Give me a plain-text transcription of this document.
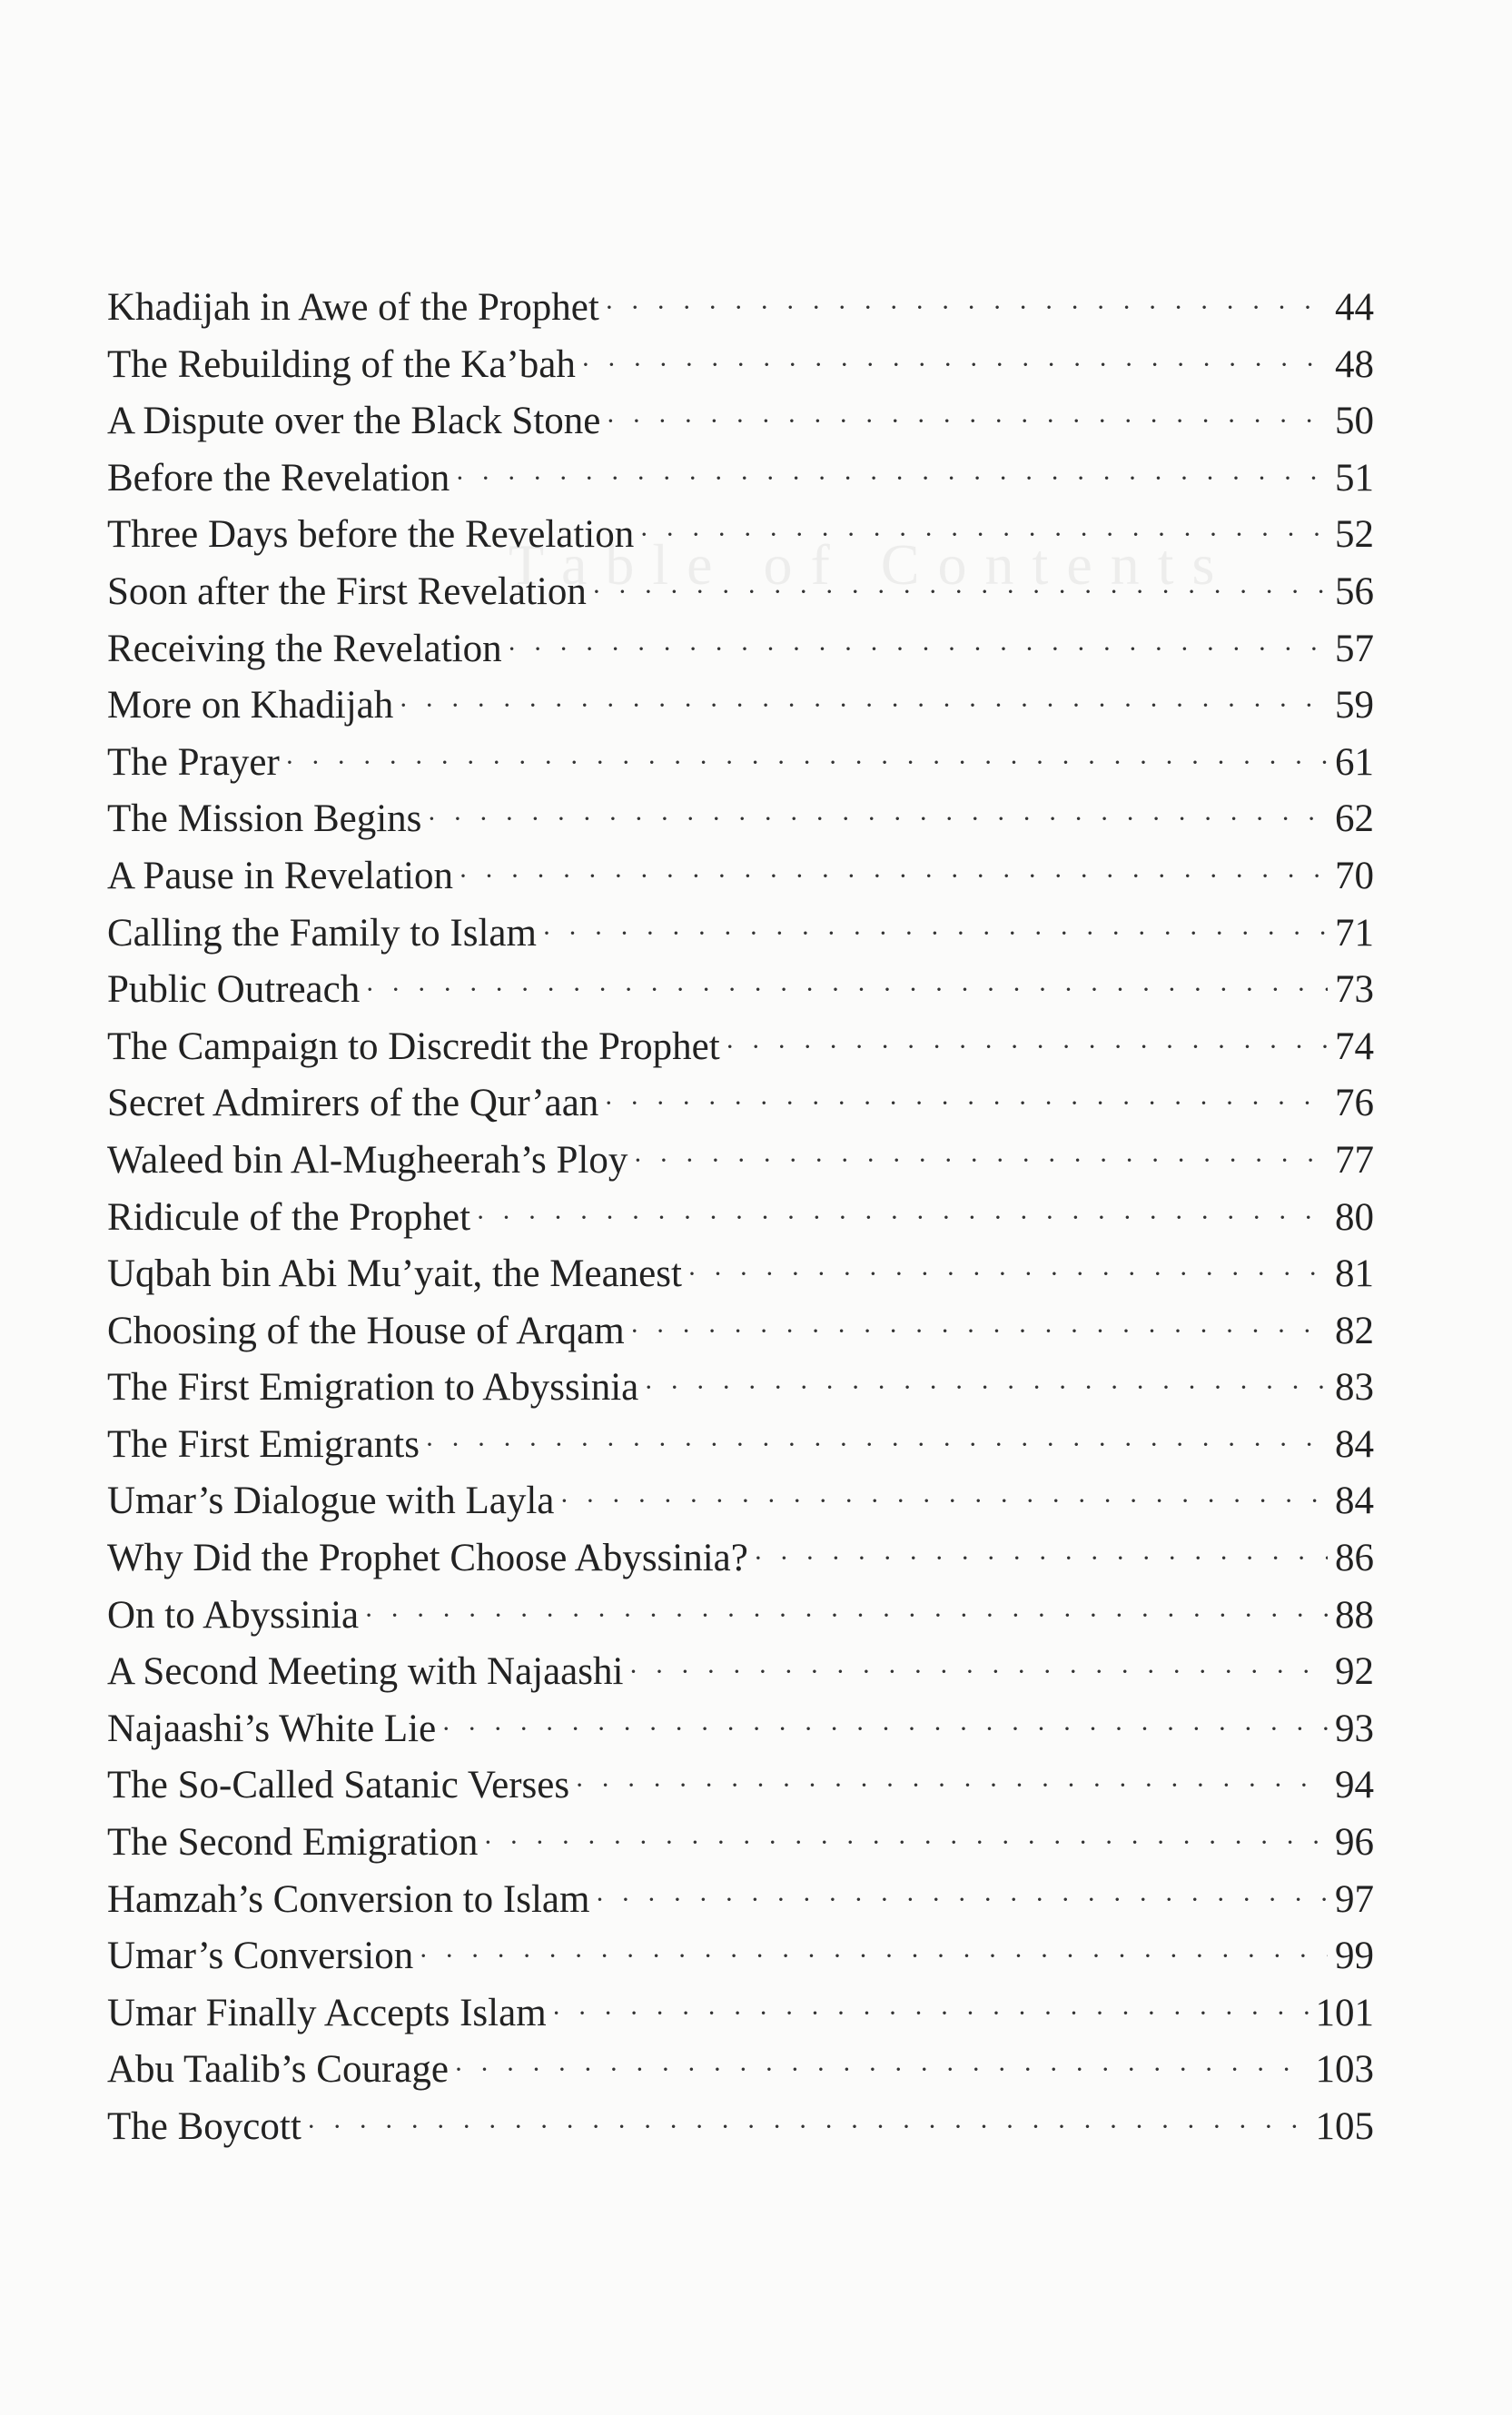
T a b l e   o f   C o n t e n t s
Khadijah in Awe of the Prophet · · ·	44
The Rebuilding of the Ka’bah · · ·	48
A Dispute over the Black Stone · · ·	50
Before the Revelation · · ·	51
Three Days before the Revelation · · ·	52
Soon after the First Revelation · · ·	56
Receiving the Revelation · · ·	57
More on Khadijah · · ·	59
The Prayer · · ·	61
The Mission Begins · · ·	62
A Pause in Revelation · · ·	70
Calling the Family to Islam · · ·	71
Public Outreach · · ·	73
The Campaign to Discredit the Prophet · · ·	74
Secret Admirers of the Qur’aan · · ·	76
Waleed bin Al-Mugheerah’s Ploy · · ·	77
Ridicule of the Prophet · · ·	80
Uqbah bin Abi Mu’yait, the Meanest · · ·	81
Choosing of the House of Arqam · · ·	82
The First Emigration to Abyssinia · · ·	83
The First Emigrants · · ·	84
Umar’s Dialogue with Layla · · ·	84
Why Did the Prophet Choose Abyssinia? · · ·	86
On to Abyssinia · · ·	88
A Second Meeting with Najaashi · · ·	92
Najaashi’s White Lie · · ·	93
The So-Called Satanic Verses · · ·	94
The Second Emigration · · ·	96
Hamzah’s Conversion to Islam · · ·	97
Umar’s Conversion · · ·	99
Umar Finally Accepts Islam · · ·	101
Abu Taalib’s Courage · · ·	103
The Boycott · · ·	105
